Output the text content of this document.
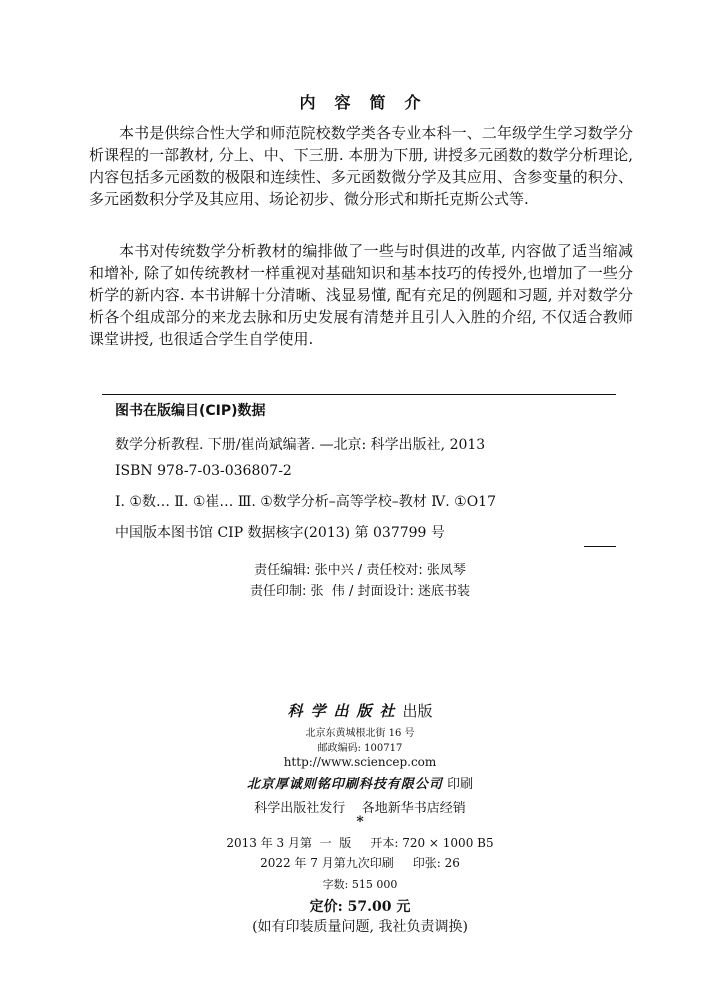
内容简介
本书是供综合性大学和师范院校数学类各专业本科一、二年级学生学习数学分析课程的一部教材, 分上、中、下三册. 本册为下册, 讲授多元函数的数学分析理论, 内容包括多元函数的极限和连续性、多元函数微分学及其应用、含参变量的积分、多元函数积分学及其应用、场论初步、微分形式和斯托克斯公式等.
本书对传统数学分析教材的编排做了一些与时俱进的改革, 内容做了适当缩减和增补, 除了如传统教材一样重视对基础知识和基本技巧的传授外,也增加了一些分析学的新内容. 本书讲解十分清晰、浅显易懂, 配有充足的例题和习题, 并对数学分析各个组成部分的来龙去脉和历史发展有清楚并且引人入胜的介绍, 不仅适合教师课堂讲授, 也很适合学生自学使用.
图书在版编目(CIP)数据
数学分析教程. 下册/崔尚斌编著. —北京: 科学出版社, 2013
ISBN 978-7-03-036807-2
Ⅰ. ①数… Ⅱ. ①崔… Ⅲ. ①数学分析–高等学校–教材 Ⅳ. ①O17
中国版本图书馆 CIP 数据核字(2013) 第 037799 号
责任编辑: 张中兴 / 责任校对: 张凤琴
责任印制: 张  伟 / 封面设计: 迷底书装
科学出版社出版
北京东黄城根北街 16 号
邮政编码: 100717
http://www.sciencep.com
北京厚诚则铭印刷科技有限公司 印刷
科学出版社发行    各地新华书店经销
*
2013 年 3 月第  一  版     开本: 720 × 1000 B5
2022 年 7 月第九次印刷     印张: 26
字数: 515 000
定价: 57.00 元
(如有印装质量问题, 我社负责调换)
